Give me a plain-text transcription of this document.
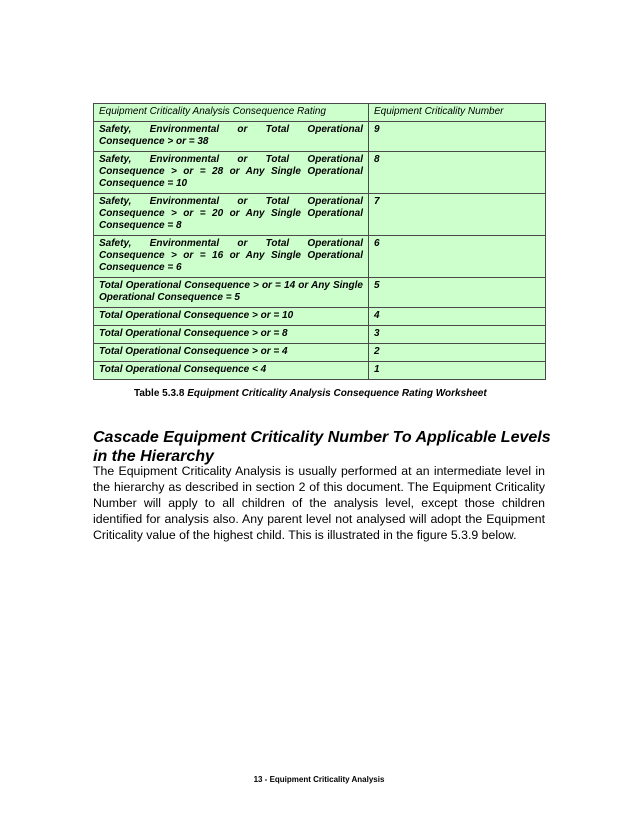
Equipment Criticality Analysis Consequence Rating	Equipment Criticality Number
Safety, Environmental or Total Operational Consequence > or = 38	9
Safety, Environmental or Total Operational Consequence > or = 28 or Any Single Operational Consequence = 10	8
Safety, Environmental or Total Operational Consequence > or = 20 or Any Single Operational Consequence = 8	7
Safety, Environmental or Total Operational Consequence > or = 16 or Any Single Operational Consequence = 6	6
Total Operational Consequence > or = 14 or Any Single Operational Consequence = 5	5
Total Operational Consequence > or = 10	4
Total Operational Consequence > or = 8	3
Total Operational Consequence > or = 4	2
Total Operational Consequence < 4	1
Table 5.3.8 Equipment Criticality Analysis Consequence Rating Worksheet
Cascade Equipment Criticality Number To Applicable Levels in the Hierarchy

The Equipment Criticality Analysis is usually performed at an intermediate level in the hierarchy as described in section 2 of this document. The Equipment Criticality Number will apply to all children of the analysis level, except those children identified for analysis also. Any parent level not analysed will adopt the Equipment Criticality value of the highest child. This is illustrated in the figure 5.3.9 below.

13 - Equipment Criticality Analysis
